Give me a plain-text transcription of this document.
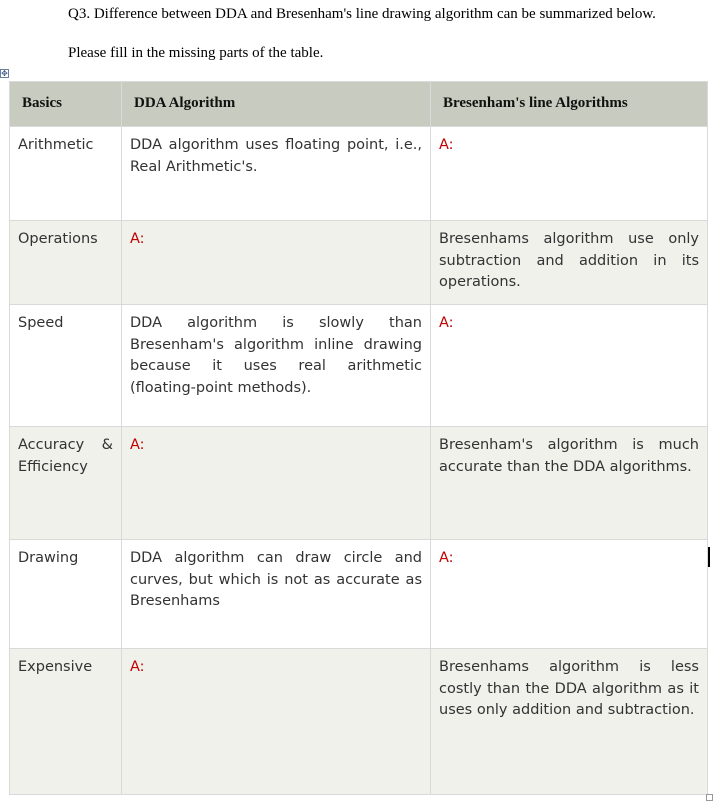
Q3. Difference between DDA and Bresenham's line drawing algorithm can be summarized below.
Please fill in the missing parts of the table.
✥
Basics	DDA Algorithm	Bresenham's line Algorithms
Arithmetic	DDA algorithm uses floating point, i.e., Real Arithmetic's.	A:
Operations	A:	Bresenhams algorithm use only subtraction and addition in its operations.
Speed	DDA algorithm is slowly than Bresenham's algorithm inline drawing because it uses real arithmetic (floating-point methods).	A:
Accuracy & Efficiency	A:	Bresenham's algorithm is much accurate than the DDA algorithms.
Drawing	DDA algorithm can draw circle and curves, but which is not as accurate as Bresenhams	A:
Expensive	A:	Bresenhams algorithm is less costly than the DDA algorithm as it uses only addition and subtraction.
